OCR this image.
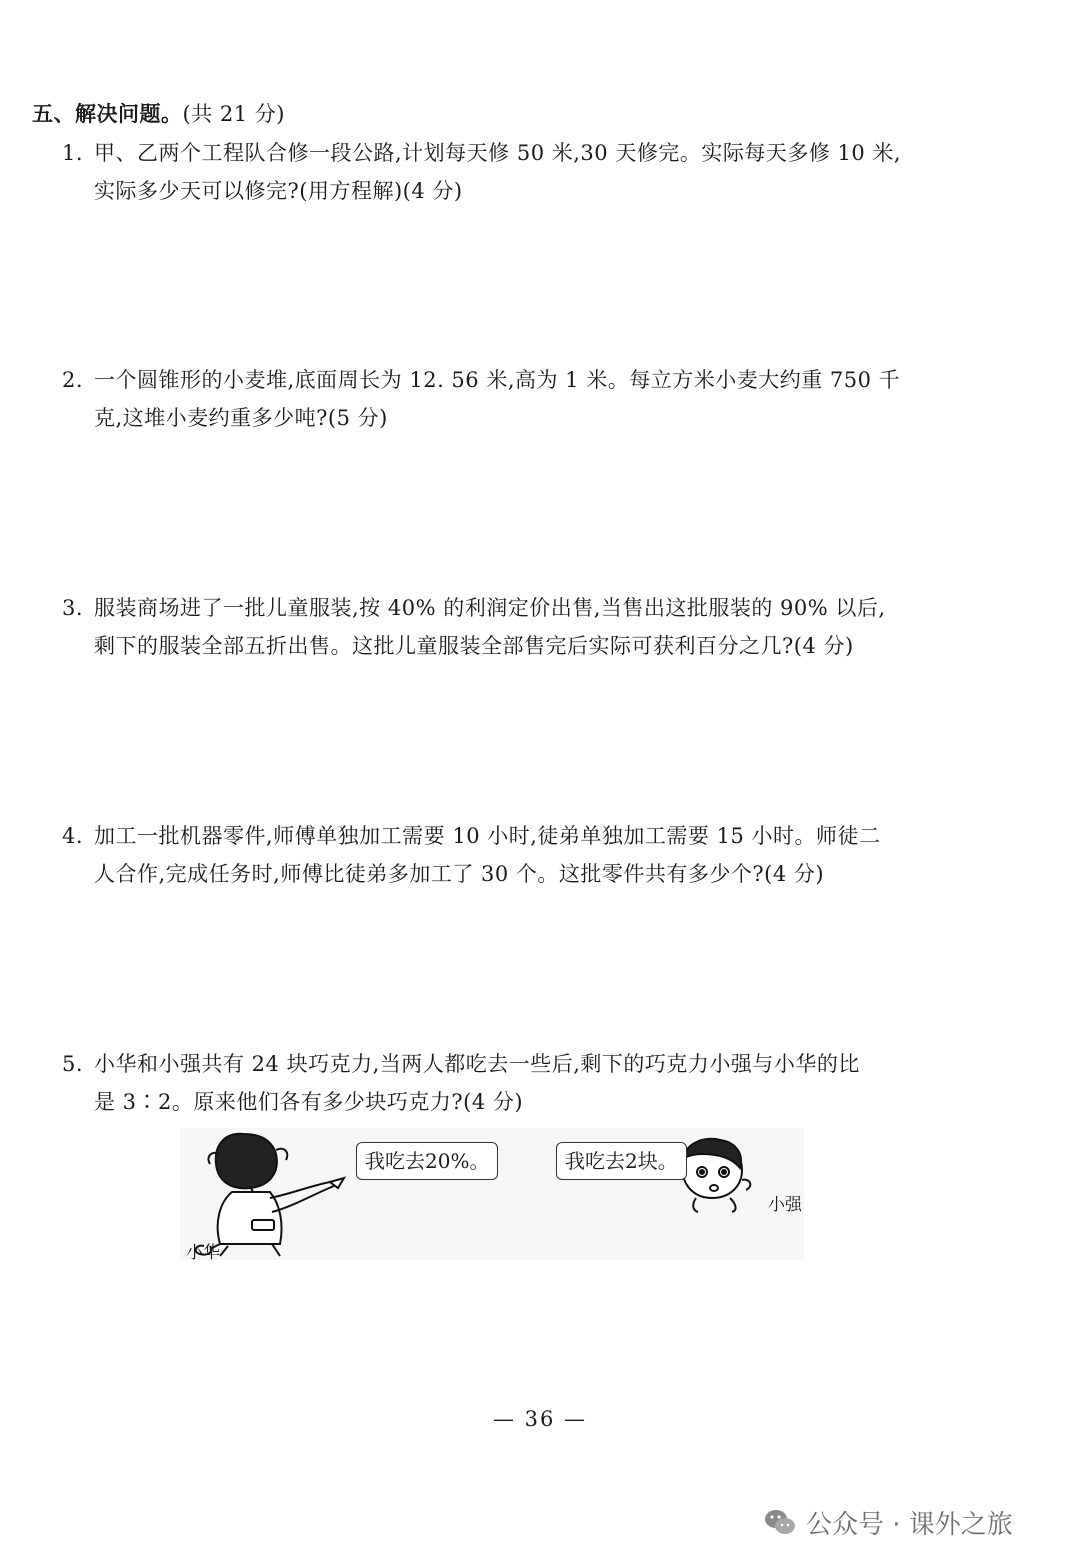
五、解决问题。(共 21 分)
1. 甲、乙两个工程队合修一段公路,计划每天修 50 米,30 天修完。实际每天多修 10 米,
实际多少天可以修完?(用方程解)(4 分)
2. 一个圆锥形的小麦堆,底面周长为 12. 56 米,高为 1 米。每立方米小麦大约重 750 千
克,这堆小麦约重多少吨?(5 分)
3. 服装商场进了一批儿童服装,按 40% 的利润定价出售,当售出这批服装的 90% 以后,
剩下的服装全部五折出售。这批儿童服装全部售完后实际可获利百分之几?(4 分)
4. 加工一批机器零件,师傅单独加工需要 10 小时,徒弟单独加工需要 15 小时。师徒二
人合作,完成任务时,师傅比徒弟多加工了 30 个。这批零件共有多少个?(4 分)
5. 小华和小强共有 24 块巧克力,当两人都吃去一些后,剩下的巧克力小强与小华的比
是 3∶2。原来他们各有多少块巧克力?(4 分)
我吃去20%。	我吃去2块。
小华
小强
— 36 —
公众号 · 课外之旅
